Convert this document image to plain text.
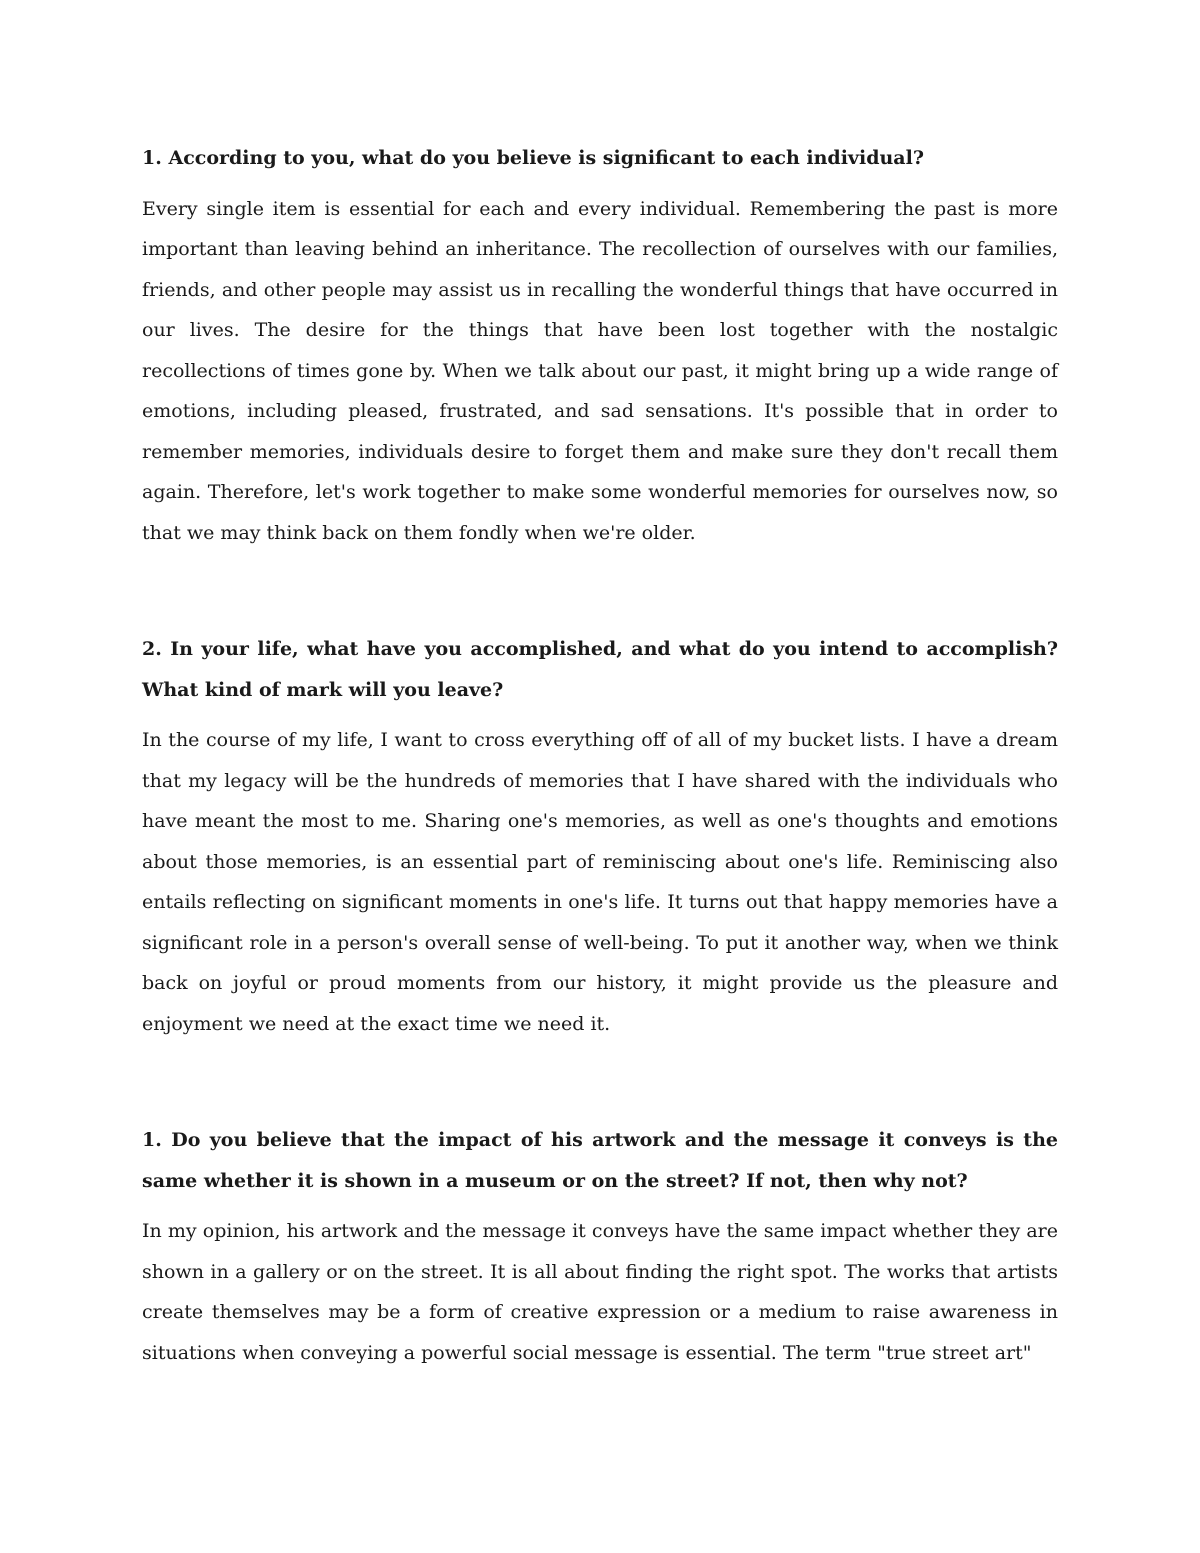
1. According to you, what do you believe is significant to each individual?

Every single item is essential for each and every individual. Remembering the past is more important than leaving behind an inheritance. The recollection of ourselves with our families, friends, and other people may assist us in recalling the wonderful things that have occurred in our lives. The desire for the things that have been lost together with the nostalgic recollections of times gone by. When we talk about our past, it might bring up a wide range of emotions, including pleased, frustrated, and sad sensations. It's possible that in order to remember memories, individuals desire to forget them and make sure they don't recall them again. Therefore, let's work together to make some wonderful memories for ourselves now, so that we may think back on them fondly when we're older.

2. In your life, what have you accomplished, and what do you intend to accomplish? What kind of mark will you leave?

In the course of my life, I want to cross everything off of all of my bucket lists. I have a dream that my legacy will be the hundreds of memories that I have shared with the individuals who have meant the most to me. Sharing one's memories, as well as one's thoughts and emotions about those memories, is an essential part of reminiscing about one's life. Reminiscing also entails reflecting on significant moments in one's life. It turns out that happy memories have a significant role in a person's overall sense of well-being. To put it another way, when we think back on joyful or proud moments from our history, it might provide us the pleasure and enjoyment we need at the exact time we need it.

1. Do you believe that the impact of his artwork and the message it conveys is the same whether it is shown in a museum or on the street? If not, then why not?

In my opinion, his artwork and the message it conveys have the same impact whether they are shown in a gallery or on the street. It is all about finding the right spot. The works that artists create themselves may be a form of creative expression or a medium to raise awareness in situations when conveying a powerful social message is essential. The term "true street art"
